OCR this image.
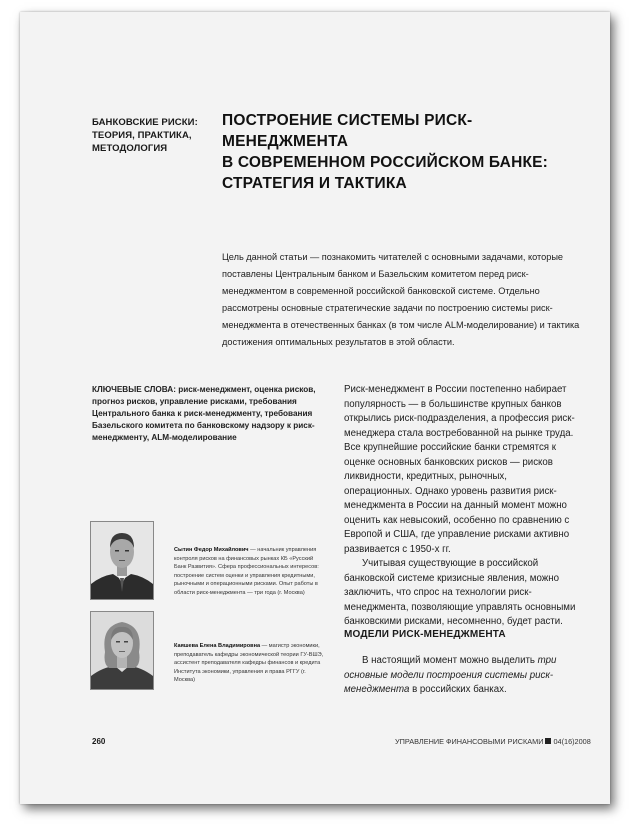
БАНКОВСКИЕ РИСКИ:
ТЕОРИЯ, ПРАКТИКА,
МЕТОДОЛОГИЯ
ПОСТРОЕНИЕ СИСТЕМЫ РИСК-МЕНЕДЖМЕНТА
В СОВРЕМЕННОМ РОССИЙСКОМ БАНКЕ:
СТРАТЕГИЯ И ТАКТИКА
Цель данной статьи — познакомить читателей с основными задачами, которые поставлены Центральным банком и Базельским комитетом перед риск-менеджментом в современной российской банковской системе. Отдельно рассмотрены основные стратегические задачи по построению системы риск-менеджмента в отечественных банках (в том числе ALM-моделирование) и тактика достижения оптимальных результатов в этой области.
КЛЮЧЕВЫЕ СЛОВА: риск-менеджмент, оценка рисков, прогноз рисков, управление рисками, требования Центрального банка к риск-менеджменту, требования Базельского комитета по банковскому надзору к риск-менеджменту, ALM-моделирование

Риск-менеджмент в России постепенно набирает популярность — в большинстве крупных банков открылись риск-подразделения, а профессия риск-менеджера стала востребованной на рынке труда. Все крупнейшие российские банки стремятся к оценке основных банковских рисков — рисков ликвидности, кредитных, рыночных, операционных. Однако уровень развития риск-менеджмента в России на данный момент можно оценить как невысокий, особенно по сравнению с Европой и США, где управление рисками активно развивается с 1950-х гг.

Учитывая существующие в российской банковской системе кризисные явления, можно заключить, что спрос на технологии риск-менеджмента, позволяющие управлять основными банковскими рисками, несомненно, будет расти.

МОДЕЛИ РИСК-МЕНЕДЖМЕНТА
В настоящий момент можно выделить три основные модели построения системы риск-менеджмента в российских банках.
Сытин Федор Михайлович — начальник управления контроля рисков на финансовых рынках КБ «Русский Банк Развития». Сфера профессиональных интересов: построение систем оценки и управления кредитными, рыночными и операционными рисками. Опыт работы в области риск-менеджмента — три года (г. Москва)
Каяшева Елена Владимировна — магистр экономики, преподаватель кафедры экономической теории ГУ-ВШЭ, ассистент преподавателя кафедры финансов и кредита Института экономики, управления и права РГГУ (г. Москва)
260	УПРАВЛЕНИЕ ФИНАНСОВЫМИ РИСКАМИ 04(16)2008
